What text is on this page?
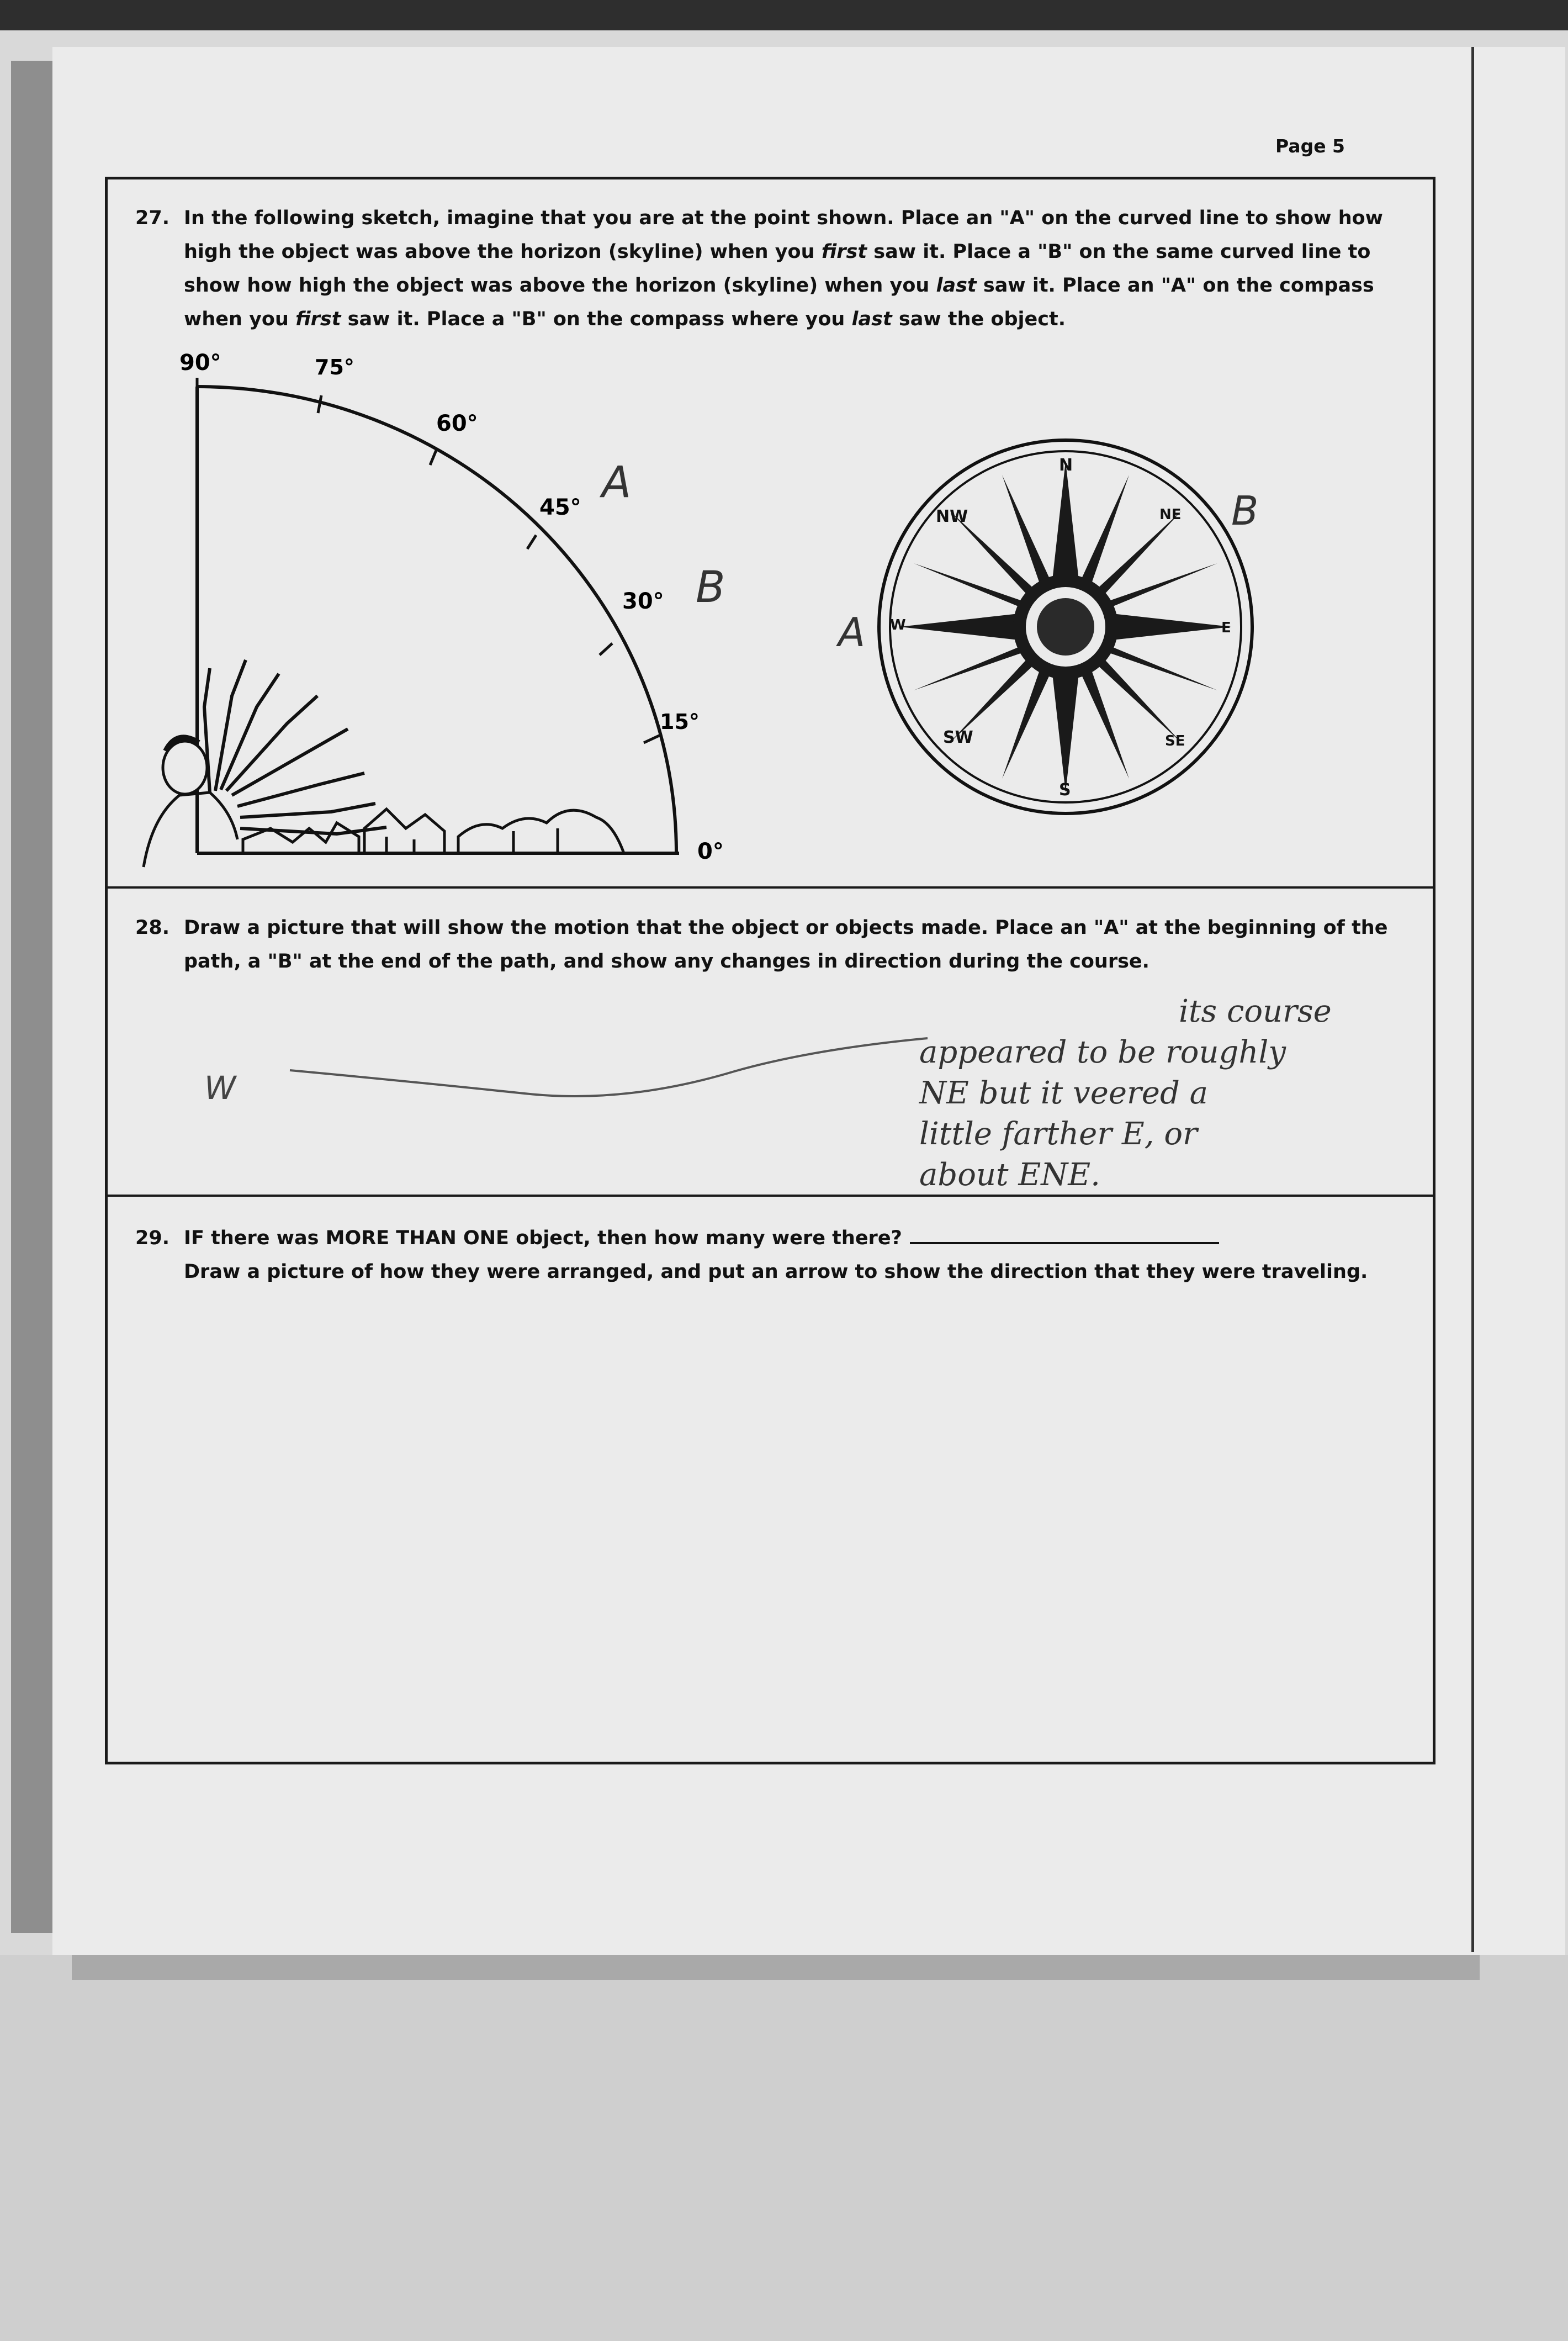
Page 5
27. In the following sketch, imagine that you are at the point shown. Place an "A" on the curved line to show how
high the object was above the horizon (skyline) when you first saw it. Place a "B" on the same curved line to
show how high the object was above the horizon (skyline) when you last saw it. Place an "A" on the compass
when you first saw it. Place a "B" on the compass where you last saw the object.
90°	75°
60°
45°
30°
15°
0°
A
B
N
NE
E
SE
S
SW
W
NW
A
B
28. Draw a picture that will show the motion that the object or objects made. Place an "A" at the beginning of the
path, a "B" at the end of the path, and show any changes in direction during the course.
W
its course
appeared to be roughly
NE but it veered a
little farther E, or
about ENE.
29. IF there was MORE THAN ONE object, then how many were there?
Draw a picture of how they were arranged, and put an arrow to show the direction that they were traveling.
